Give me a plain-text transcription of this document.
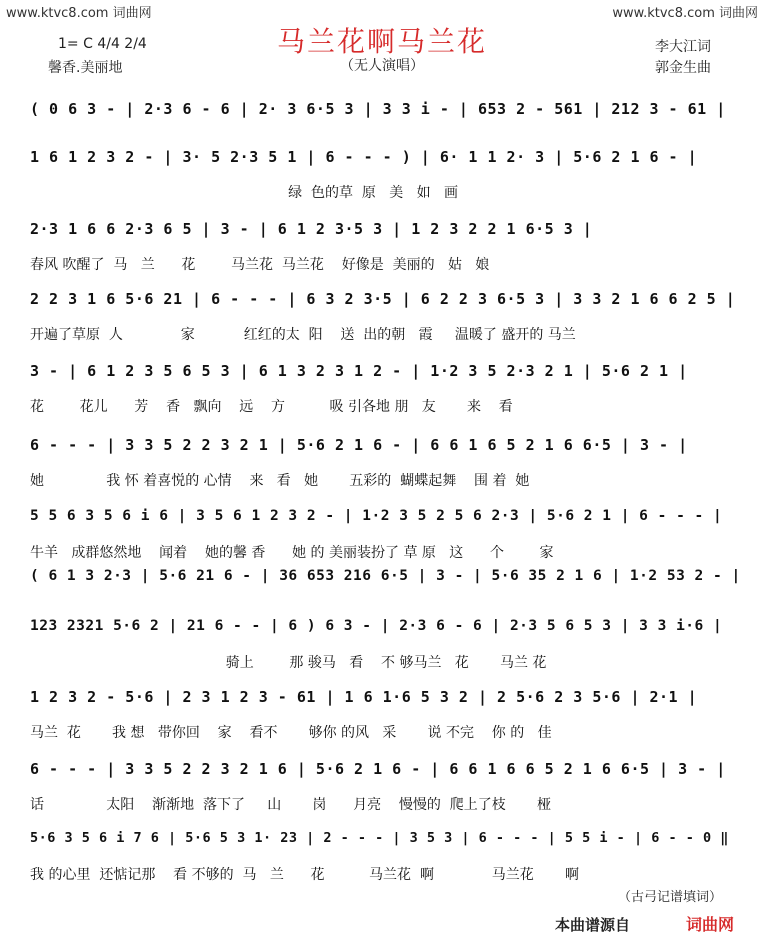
www.ktvc8.com 词曲网	www.ktvc8.com 词曲网
马兰花啊马兰花
（无人演唱）
1= C 4/4 2/4
馨香.美丽地
李大江词
郭金生曲
( 0 6 3 - | 2·3 6 - 6 | 2· 3 6·5 3 | 3 3 i - | 653 2 - 561 | 212 3 - 61 |
1 6 1 2 3 2 - | 3· 5 2·3 5 1 | 6 - - - ) | 6· 1 1 2· 3 | 5·6 2 1 6 - |
绿  色的草  原   美   如   画
2·3 1 6 6 2·3 6 5 | 3 - | 6 1 2 3·5 3 | 1 2 3 2 2 1 6·5 3 |
春风 吹醒了  马   兰      花        马兰花  马兰花    好像是  美丽的   姑   娘
2 2 3 1 6 5·6 21 | 6 - - - | 6 3 2 3·5 | 6 2 2 3 6·5 3 | 3 3 2 1 6 6 2 5 |
开遍了草原  人             家           红红的太  阳    送  出的朝   霞     温暖了 盛开的 马兰
3 - | 6 1 2 3 5 6 5 3 | 6 1 3 2 3 1 2 - | 1·2 3 5 2·3 2 1 | 5·6 2 1 |
花        花儿      芳    香   飘向    远    方          吸 引各地 朋   友       来    看
6 - - - | 3 3 5 2 2 3 2 1 | 5·6 2 1 6 - | 6 6 1 6 5 2 1 6 6·5 | 3 - |
她              我 怀 着喜悦的 心情    来   看   她       五彩的  蝴蝶起舞    围 着  她
5 5 6 3 5 6 i 6 | 3 5 6 1 2 3 2 - | 1·2 3 5 2 5 6 2·3 | 5·6 2 1 | 6 - - - |
牛羊   成群悠然地    闻着    她的馨 香      她 的 美丽装扮了 草 原   这      个        家
( 6 1 3 2·3 | 5·6 21 6 - | 36 653 216 6·5 | 3 - | 5·6 35 2 1 6 | 1·2 53 2 - |
123 2321 5·6 2 | 21 6 - - | 6 ) 6 3 - | 2·3 6 - 6 | 2·3 5 6 5 3 | 3 3 i·6 |
骑上        那 骏马   看    不 够马兰   花       马兰 花
1 2 3 2 - 5·6 | 2 3 1 2 3 - 61 | 1 6 1·6 5 3 2 | 2 5·6 2 3 5·6 | 2·1 |
马兰  花       我 想   带你回    家    看不       够你 的风   采       说 不完    你 的   佳
6 - - - | 3 3 5 2 2 3 2 1 6 | 5·6 2 1 6 - | 6 6 1 6 6 5 2 1 6 6·5 | 3 - |
话              太阳    渐渐地  落下了     山       岗      月亮    慢慢的  爬上了枝       桠
5·6 3 5 6 i 7 6 | 5·6 5 3 1· 23 | 2 - - - | 3 5 3 | 6 - - - | 5 5 i - | 6 - - 0 ‖
我 的心里  还惦记那    看 不够的  马   兰      花          马兰花  啊             马兰花       啊
（古弓记谱填词）
本曲谱源自	词曲网
